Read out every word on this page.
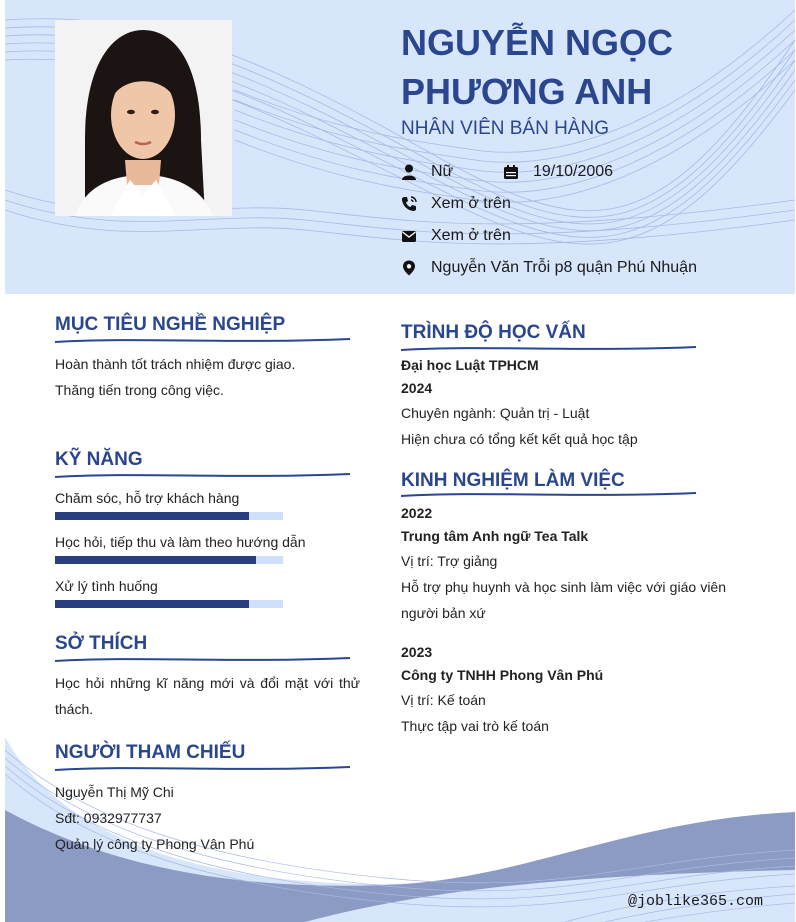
NGUYỄN NGỌC
PHƯƠNG ANH
NHÂN VIÊN BÁN HÀNG
Nữ	19/10/2006
Xem ở trên
Xem ở trên
Nguyễn Văn Trỗi p8 quận Phú Nhuận
MỤC TIÊU NGHỀ NGHIỆP
Hoàn thành tốt trách nhiệm được giao.
Thăng tiến trong công việc.
KỸ NĂNG
Chăm sóc, hỗ trợ khách hàng
Học hỏi, tiếp thu và làm theo hướng dẫn
Xử lý tình huống
SỞ THÍCH
Học hỏi những kĩ năng mới và đổi mặt với thử thách.
NGƯỜI THAM CHIẾU
Nguyễn Thị Mỹ Chi
Sđt: 0932977737
Quản lý công ty Phong Vân Phú
TRÌNH ĐỘ HỌC VẤN
Đại học Luật TPHCM
2024
Chuyên ngành: Quản trị - Luật
Hiện chưa có tổng kết kết quả học tập
KINH NGHIỆM LÀM VIỆC
2022
Trung tâm Anh ngữ Tea Talk
Vị trí: Trợ giảng
Hỗ trợ phụ huynh và học sinh làm việc với giáo viên người bản xứ
2023
Công ty TNHH Phong Vân Phú
Vị trí: Kế toán
Thực tập vai trò kế toán
@joblike365.com
